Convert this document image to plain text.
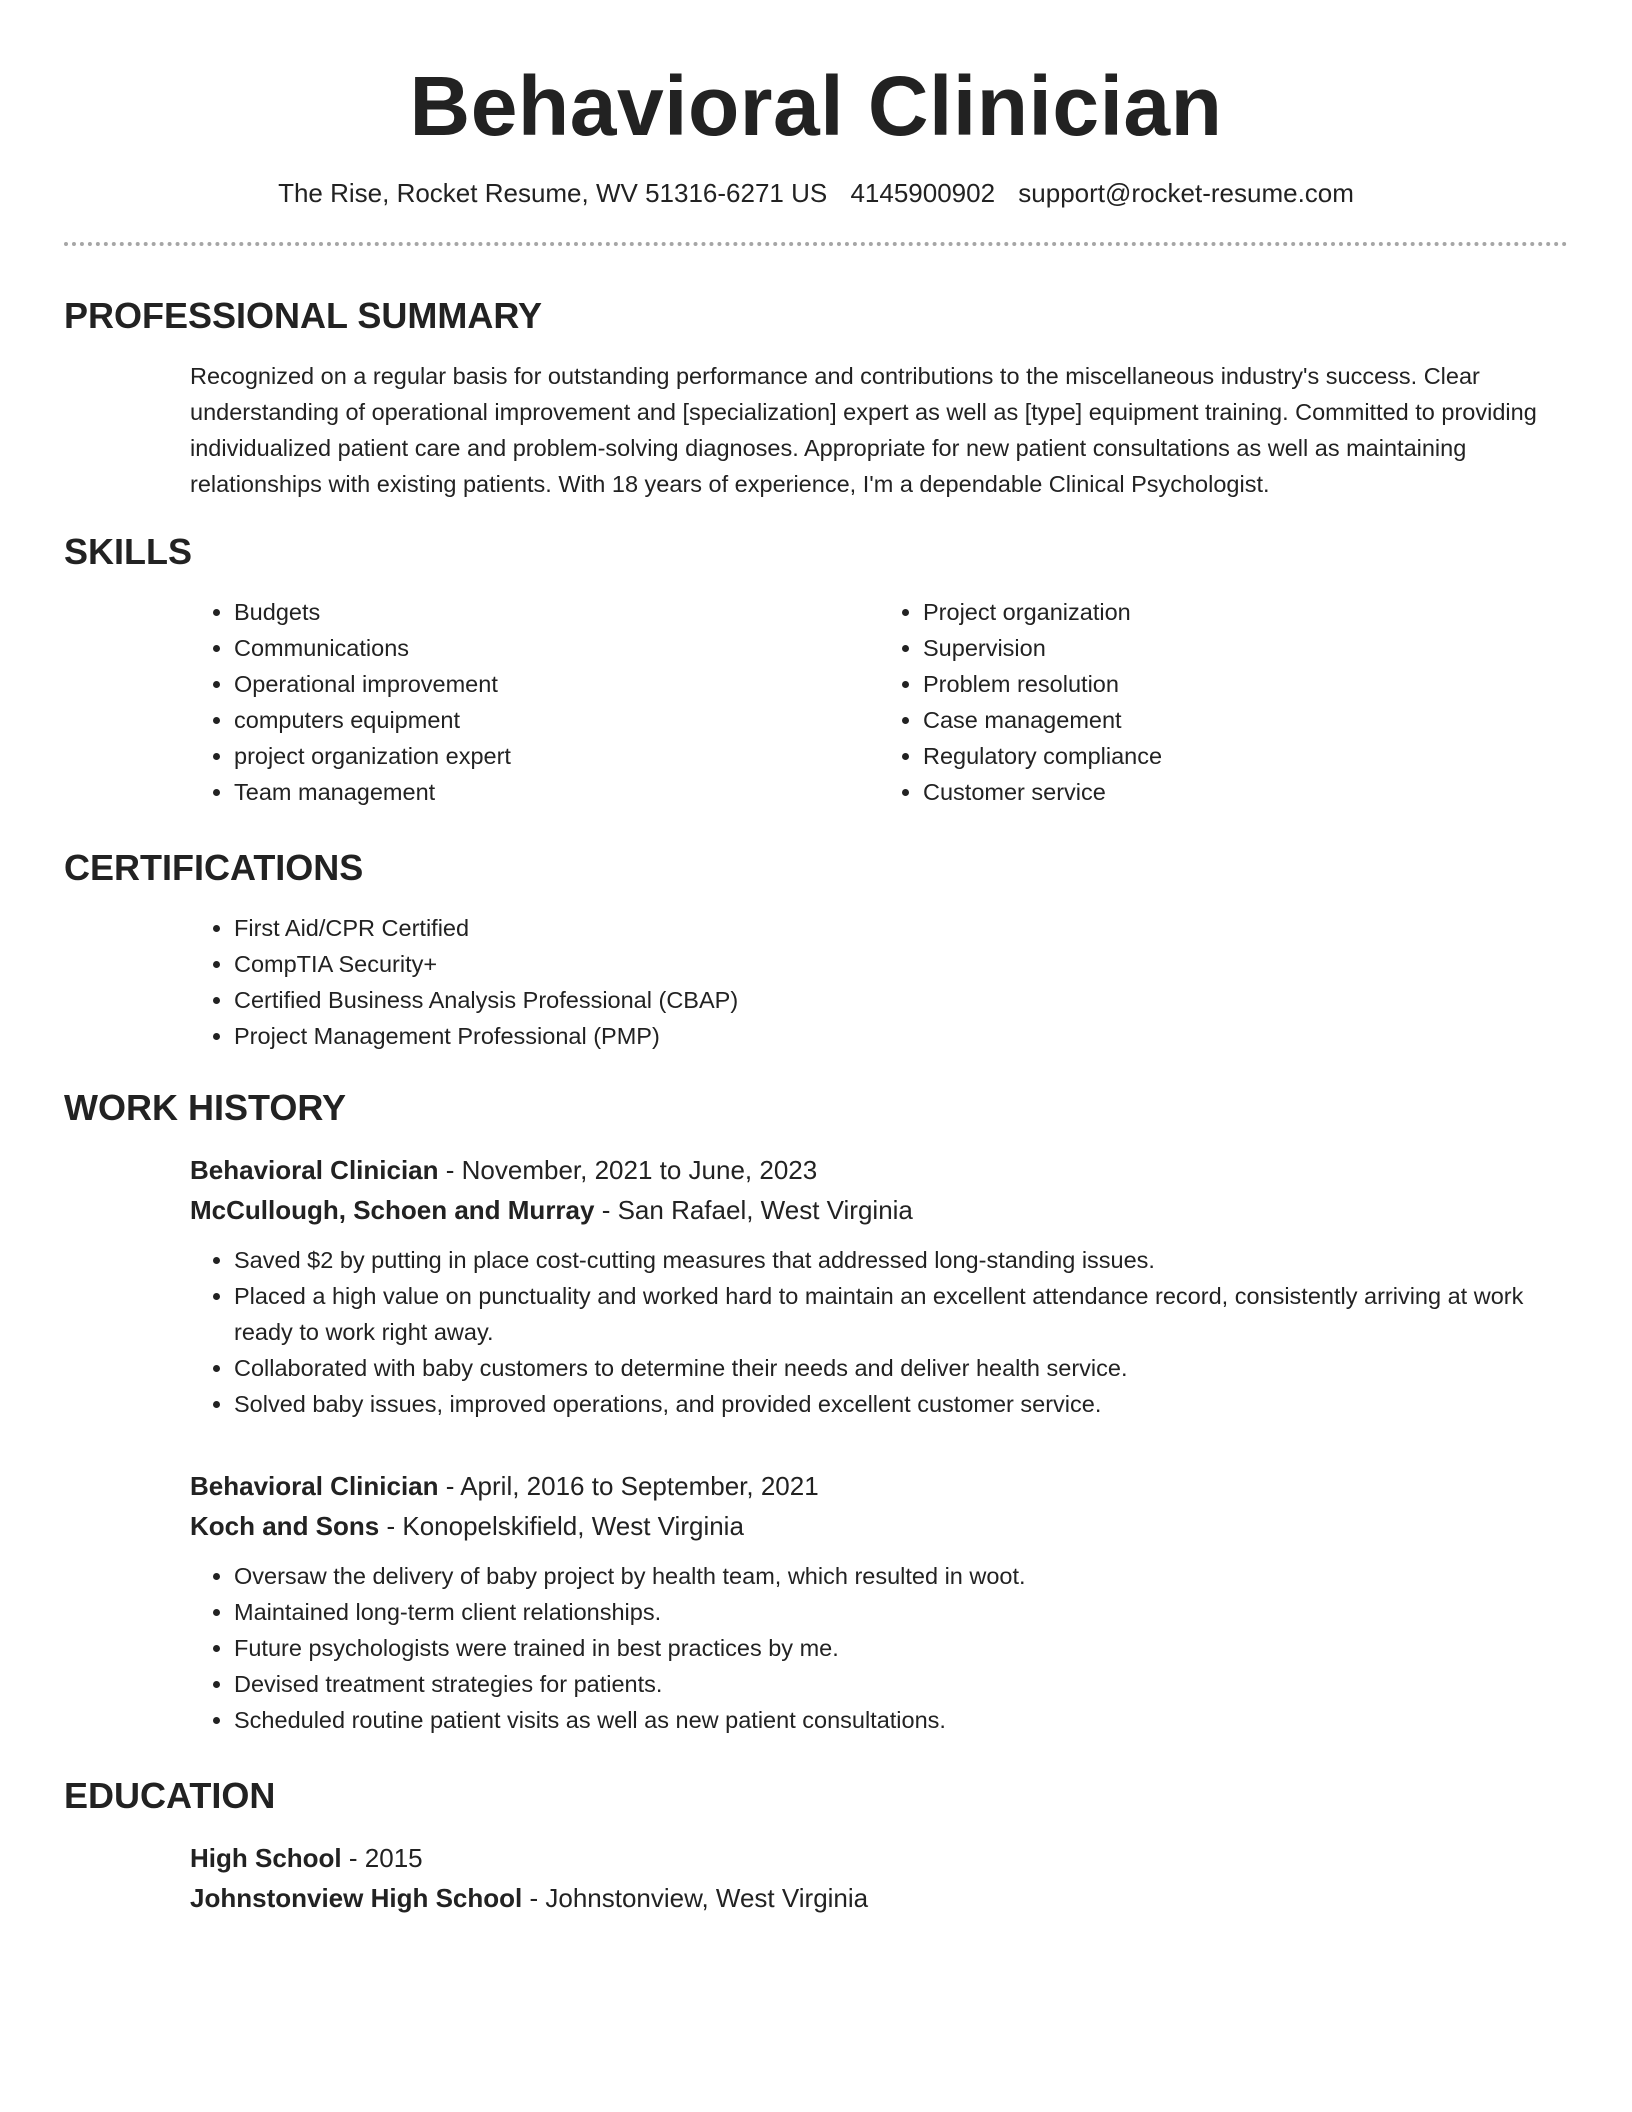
Behavioral Clinician
The Rise, Rocket Resume, WV 51316-6271 US 4145900902 support@rocket-resume.com
PROFESSIONAL SUMMARY

Recognized on a regular basis for outstanding performance and contributions to the miscellaneous industry's success. Clear understanding of operational improvement and [specialization] expert as well as [type] equipment training. Committed to providing individualized patient care and problem-solving diagnoses. Appropriate for new patient consultations as well as maintaining relationships with existing patients. With 18 years of experience, I'm a dependable Clinical Psychologist.

SKILLS
• Budgets
• Communications
• Operational improvement
• computers equipment
• project organization expert
• Team management
• Project organization
• Supervision
• Problem resolution
• Case management
• Regulatory compliance
• Customer service
CERTIFICATIONS
• First Aid/CPR Certified
• CompTIA Security+
• Certified Business Analysis Professional (CBAP)
• Project Management Professional (PMP)
WORK HISTORY
Behavioral Clinician - November, 2021 to June, 2023
McCullough, Schoen and Murray - San Rafael, West Virginia
• Saved $2 by putting in place cost-cutting measures that addressed long-standing issues.
• Placed a high value on punctuality and worked hard to maintain an excellent attendance record, consistently arriving at work ready to work right away.
• Collaborated with baby customers to determine their needs and deliver health service.
• Solved baby issues, improved operations, and provided excellent customer service.
Behavioral Clinician - April, 2016 to September, 2021
Koch and Sons - Konopelskifield, West Virginia
• Oversaw the delivery of baby project by health team, which resulted in woot.
• Maintained long-term client relationships.
• Future psychologists were trained in best practices by me.
• Devised treatment strategies for patients.
• Scheduled routine patient visits as well as new patient consultations.
EDUCATION
High School - 2015
Johnstonview High School - Johnstonview, West Virginia
